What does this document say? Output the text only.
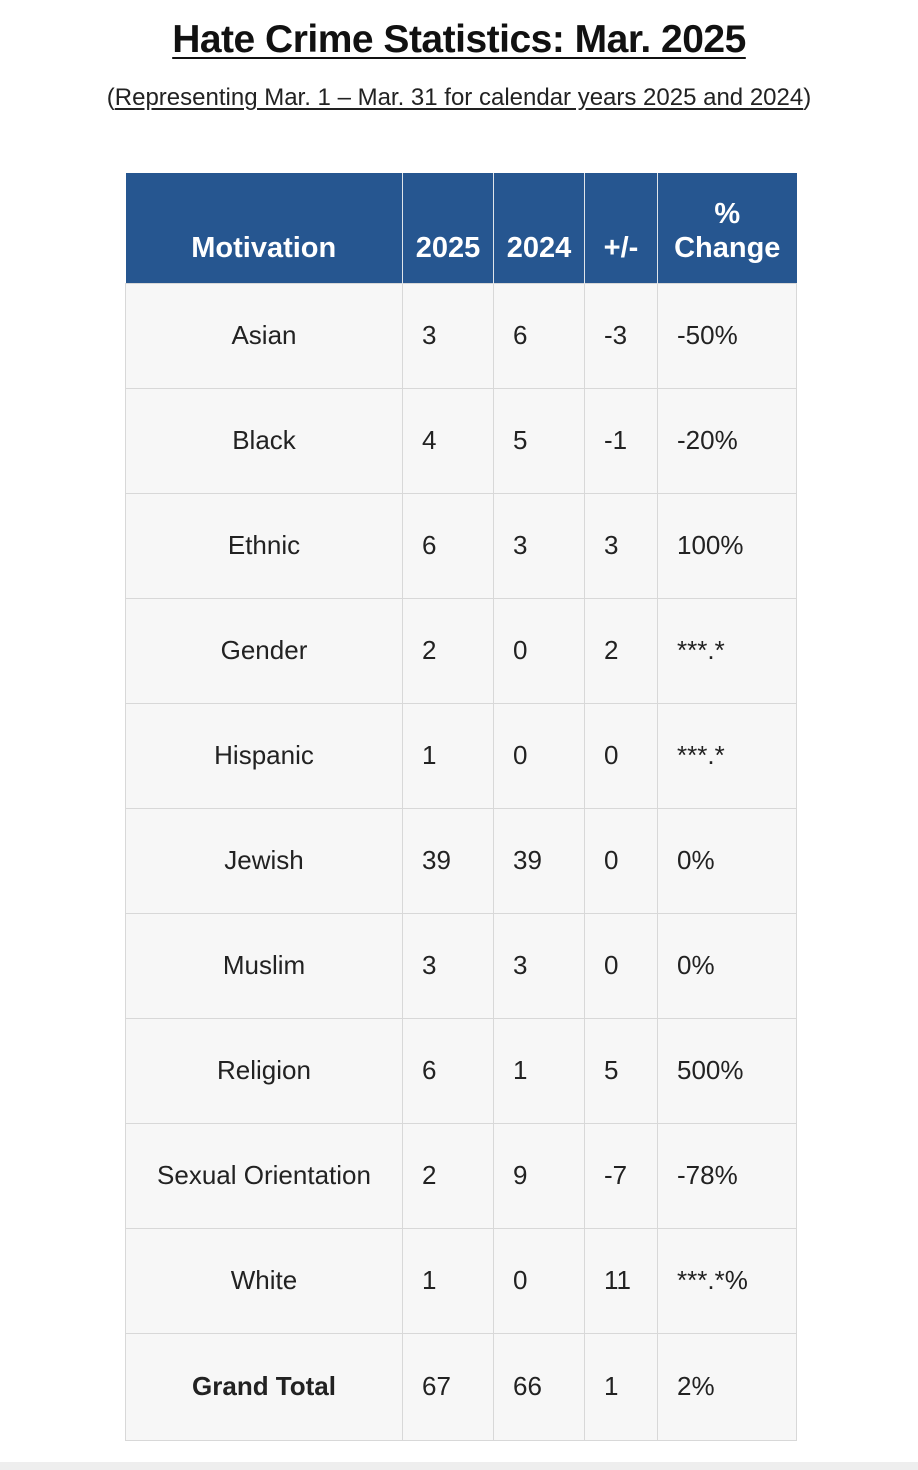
Hate Crime Statistics: Mar. 2025

(Representing Mar. 1 – Mar. 31 for calendar years 2025 and 2024)

Motivation	2025	2024	+/-	%
Change
Asian	3	6	-3	-50%
Black	4	5	-1	-20%
Ethnic	6	3	3	100%
Gender	2	0	2	***.*
Hispanic	1	0	0	***.*
Jewish	39	39	0	0%
Muslim	3	3	0	0%
Religion	6	1	5	500%
Sexual Orientation	2	9	-7	-78%
White	1	0	11	***.*%
Grand Total	67	66	1	2%
